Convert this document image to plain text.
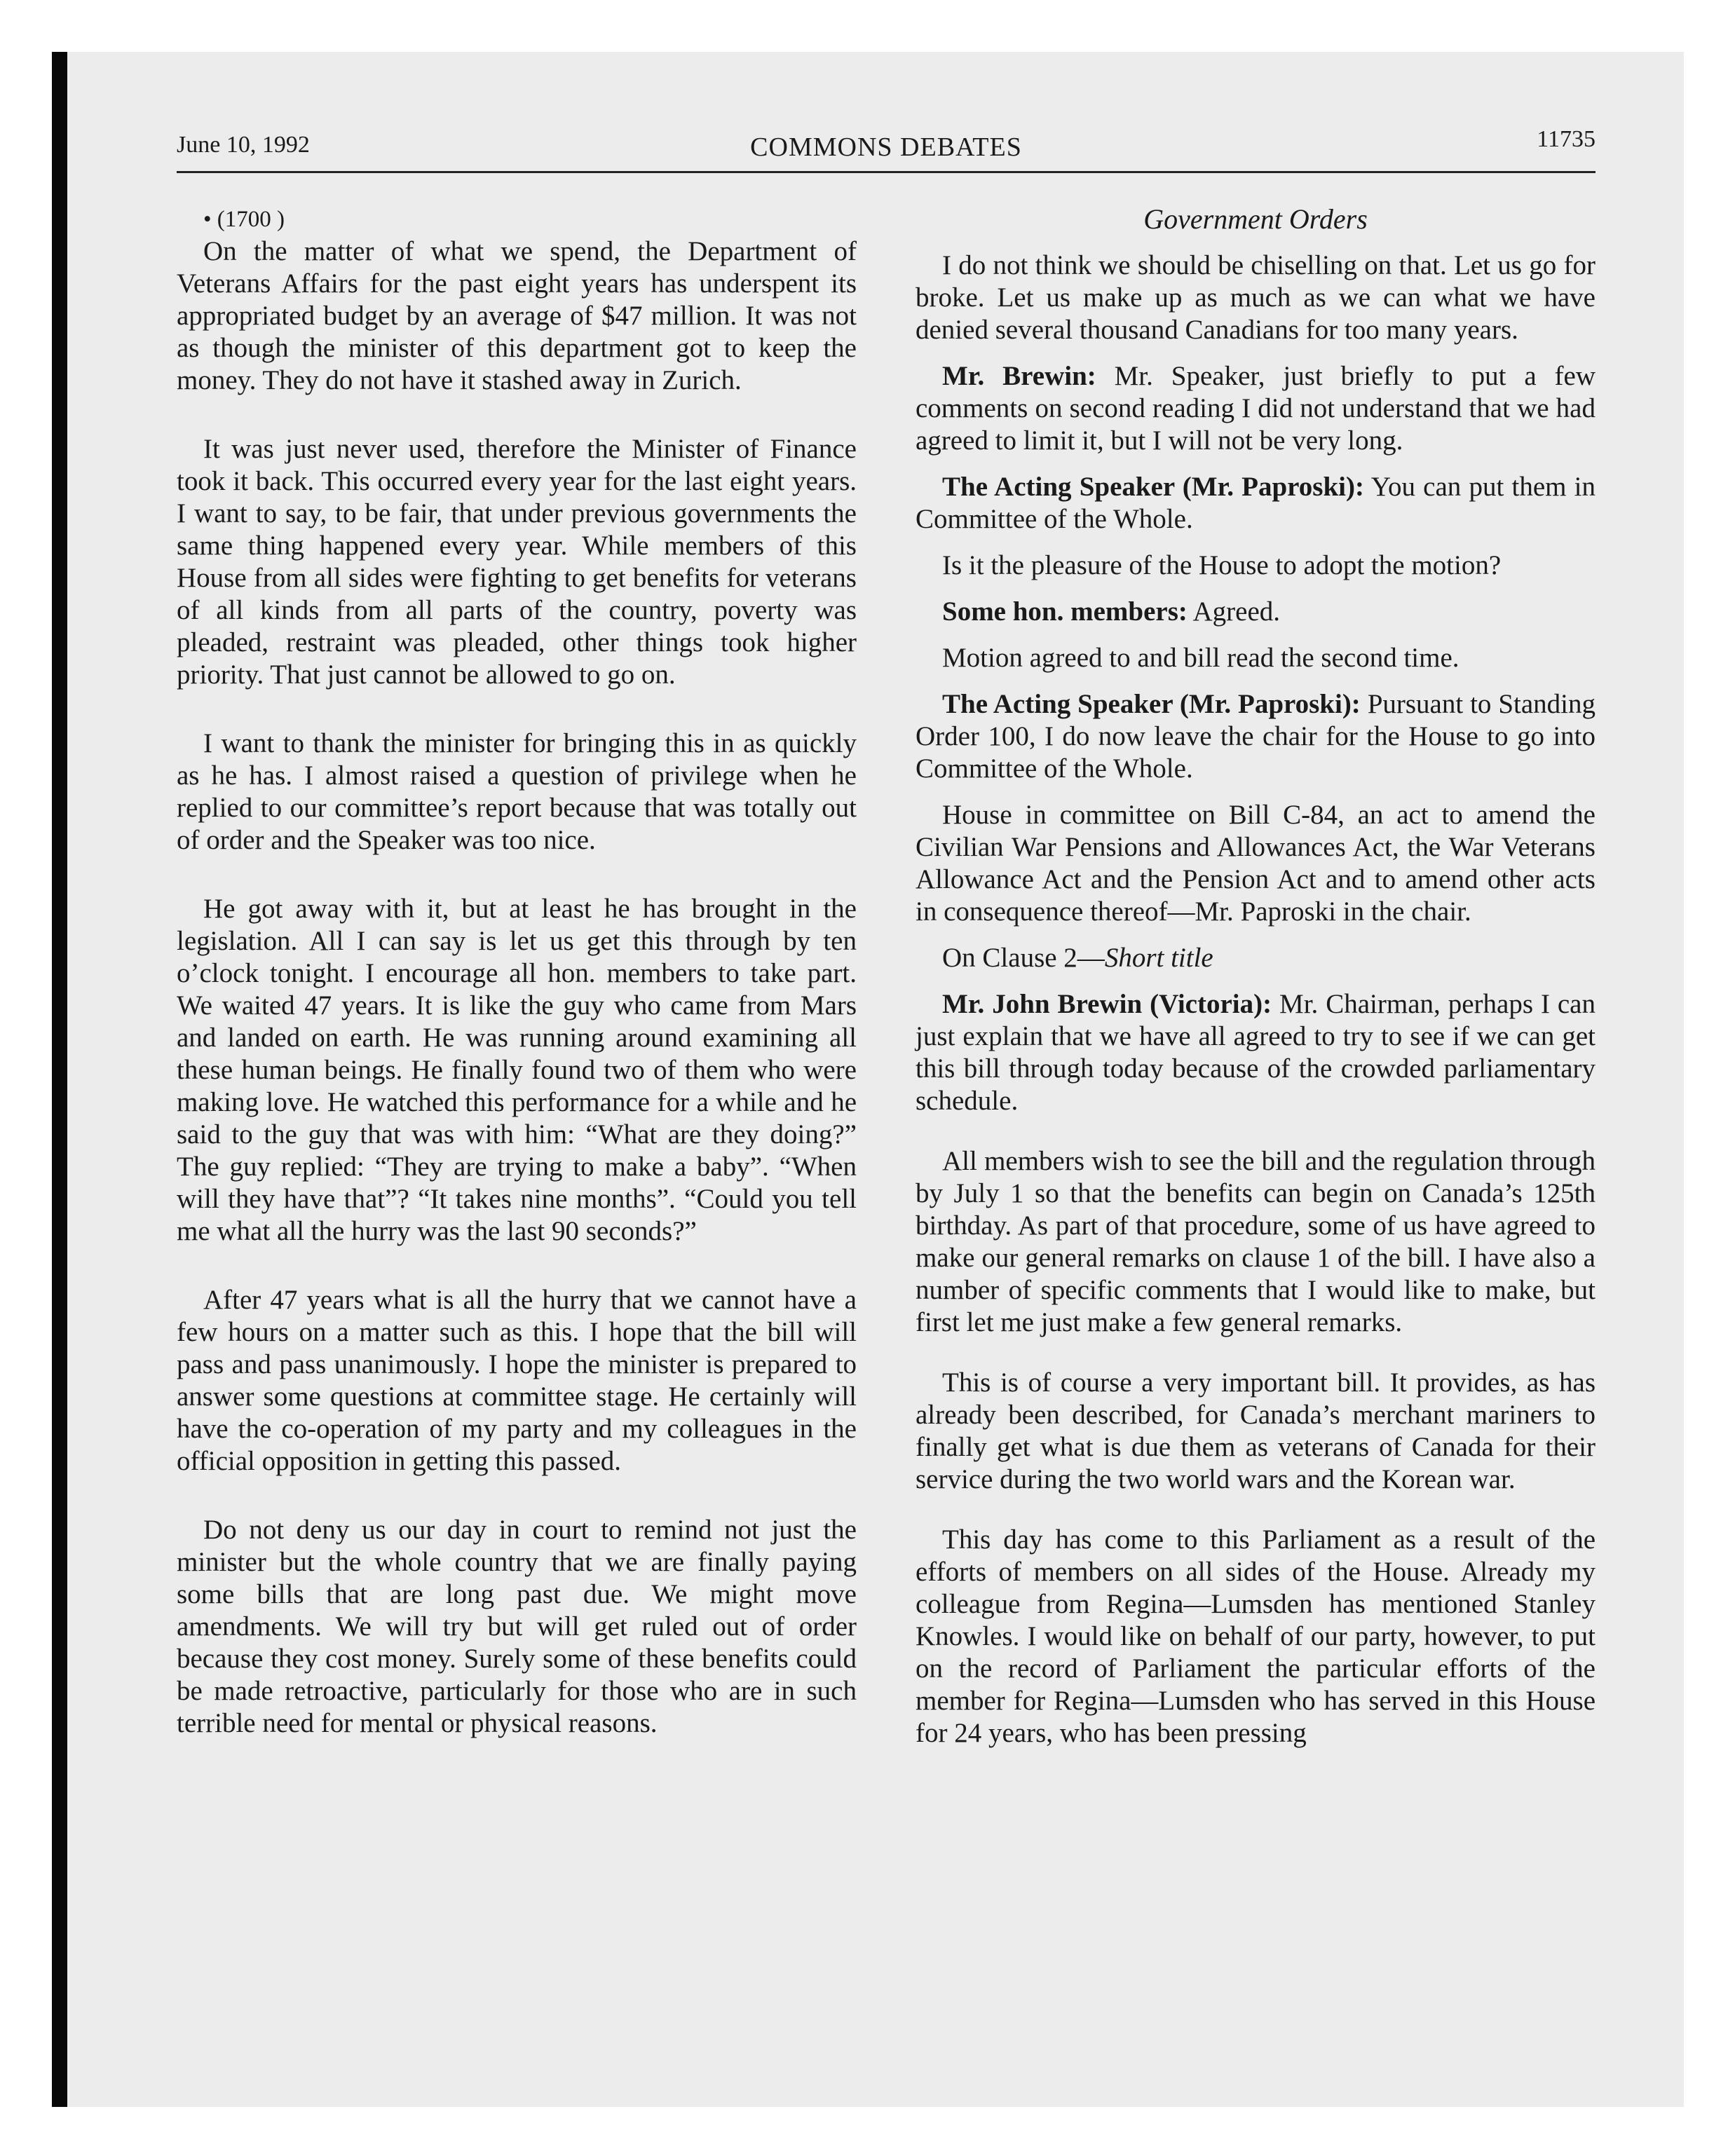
June 10, 1992	COMMONS DEBATES	11735

• (1700 )

On the matter of what we spend, the Department of Veterans Affairs for the past eight years has underspent its appropriated budget by an average of $47 million. It was not as though the minister of this department got to keep the money. They do not have it stashed away in Zurich.

It was just never used, therefore the Minister of Finance took it back. This occurred every year for the last eight years. I want to say, to be fair, that under previous governments the same thing happened every year. While members of this House from all sides were fighting to get benefits for veterans of all kinds from all parts of the country, poverty was pleaded, restraint was pleaded, other things took higher priority. That just cannot be allowed to go on.

I want to thank the minister for bringing this in as quickly as he has. I almost raised a question of privilege when he replied to our committee’s report because that was totally out of order and the Speaker was too nice.

He got away with it, but at least he has brought in the legislation. All I can say is let us get this through by ten o’clock tonight. I encourage all hon. members to take part. We waited 47 years. It is like the guy who came from Mars and landed on earth. He was running around examining all these human beings. He finally found two of them who were making love. He watched this performance for a while and he said to the guy that was with him: “What are they doing?” The guy replied: “They are trying to make a baby”. “When will they have that”? “It takes nine months”. “Could you tell me what all the hurry was the last 90 seconds?”

After 47 years what is all the hurry that we cannot have a few hours on a matter such as this. I hope that the bill will pass and pass unanimously. I hope the minister is prepared to answer some questions at committee stage. He certainly will have the co-operation of my party and my colleagues in the official opposition in getting this passed.

Do not deny us our day in court to remind not just the minister but the whole country that we are finally paying some bills that are long past due. We might move amendments. We will try but will get ruled out of order because they cost money. Surely some of these benefits could be made retroactive, particularly for those who are in such terrible need for mental or physical reasons.

Government Orders

I do not think we should be chiselling on that. Let us go for broke. Let us make up as much as we can what we have denied several thousand Canadians for too many years.

Mr. Brewin: Mr. Speaker, just briefly to put a few comments on second reading I did not understand that we had agreed to limit it, but I will not be very long.

The Acting Speaker (Mr. Paproski): You can put them in Committee of the Whole.

Is it the pleasure of the House to adopt the motion?

Some hon. members: Agreed.

Motion agreed to and bill read the second time.

The Acting Speaker (Mr. Paproski): Pursuant to Standing Order 100, I do now leave the chair for the House to go into Committee of the Whole.

House in committee on Bill C-84, an act to amend the Civilian War Pensions and Allowances Act, the War Veterans Allowance Act and the Pension Act and to amend other acts in consequence thereof—Mr. Paproski in the chair.

On Clause 2—Short title

Mr. John Brewin (Victoria): Mr. Chairman, perhaps I can just explain that we have all agreed to try to see if we can get this bill through today because of the crowded parliamentary schedule.

All members wish to see the bill and the regulation through by July 1 so that the benefits can begin on Canada’s 125th birthday. As part of that procedure, some of us have agreed to make our general remarks on clause 1 of the bill. I have also a number of specific comments that I would like to make, but first let me just make a few general remarks.

This is of course a very important bill. It provides, as has already been described, for Canada’s merchant mariners to finally get what is due them as veterans of Canada for their service during the two world wars and the Korean war.

This day has come to this Parliament as a result of the efforts of members on all sides of the House. Already my colleague from Regina—Lumsden has mentioned Stanley Knowles. I would like on behalf of our party, however, to put on the record of Parliament the particular efforts of the member for Regina—Lumsden who has served in this House for 24 years, who has been pressing
